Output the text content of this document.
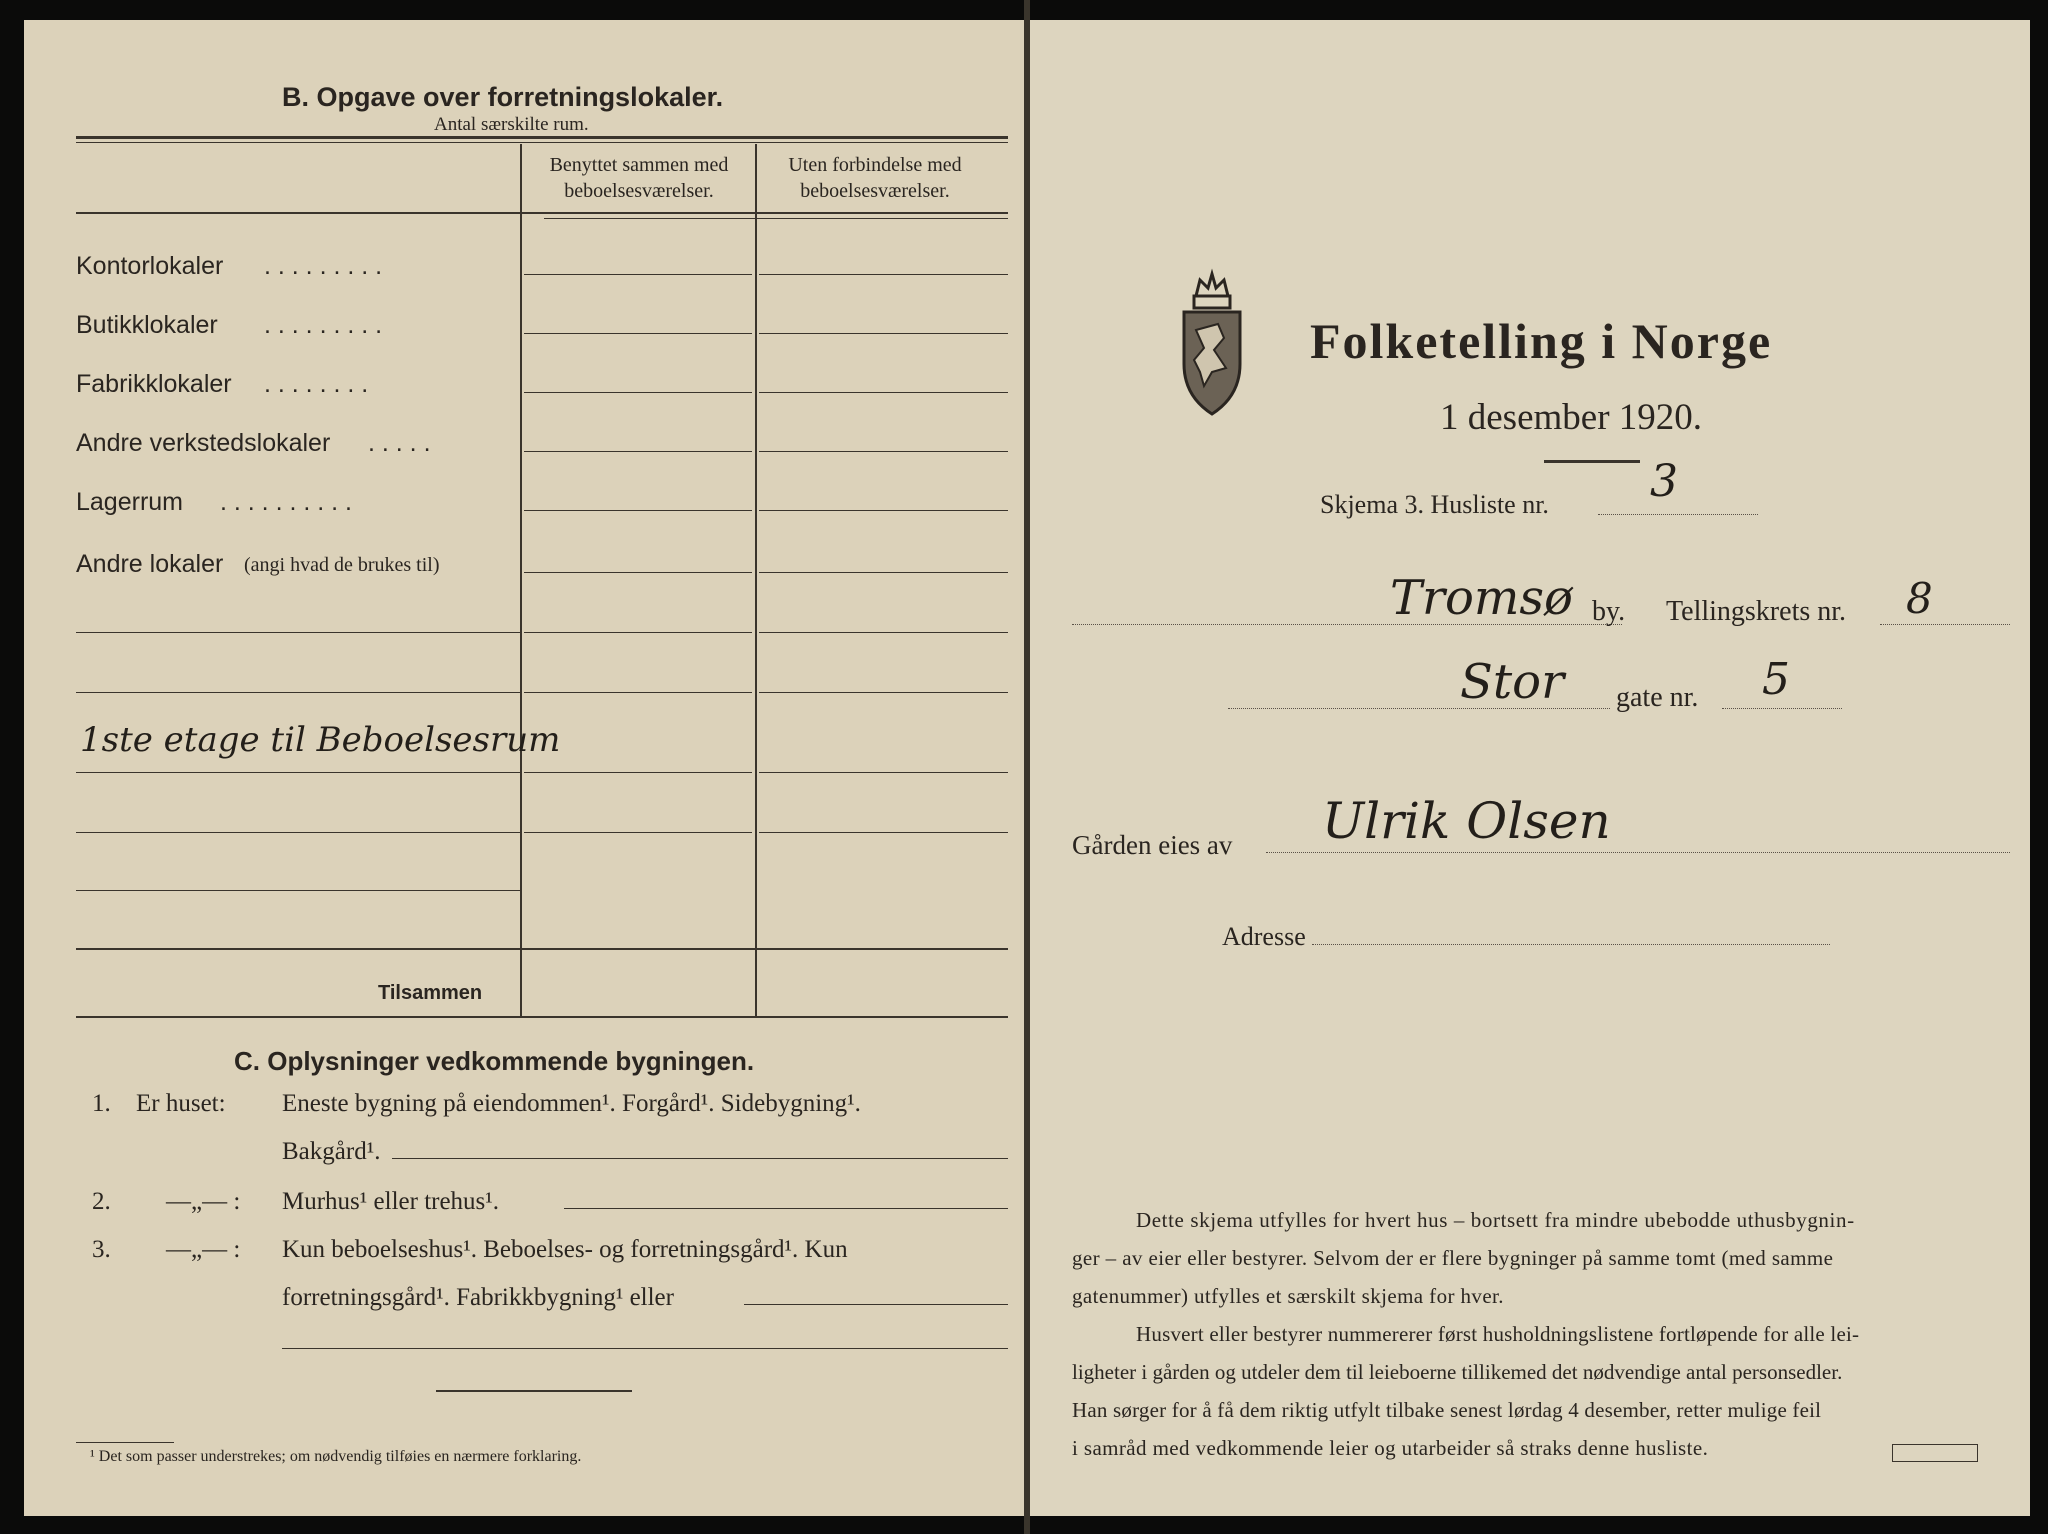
B. Opgave over forretningslokaler.
Antal særskilte rum.
Benyttet sammen med
beboelsesværelser.
Uten forbindelse med
beboelsesværelser.
Kontorlokaler . . . . . . . . .
Butikklokaler . . . . . . . . .
Fabrikklokaler . . . . . . . .
Andre verkstedslokaler . . . . .
Lagerrum . . . . . . . . . .
Andre lokaler (angi hvad de brukes til)
1ste etage til Beboelsesrum
Tilsammen
C. Oplysninger vedkommende bygningen.
1. Er huset: Eneste bygning på eiendommen¹. Forgård¹. Sidebygning¹.
Bakgård¹.
2. —„— : Murhus¹ eller trehus¹.
3. —„— : Kun beboelseshus¹. Beboelses- og forretningsgård¹. Kun
forretningsgård¹. Fabrikkbygning¹ eller
¹ Det som passer understrekes; om nødvendig tilføies en nærmere forklaring.
Folketelling i Norge
1 desember 1920.
Skjema 3. Husliste nr. 3
Tromsø by. Tellingskrets nr. 8
Stor gate nr. 5
Gården eies av Ulrik Olsen
Adresse
Dette skjema utfylles for hvert hus – bortsett fra mindre ubebodde uthusbygnin-
ger – av eier eller bestyrer. Selvom der er flere bygninger på samme tomt (med samme
gatenummer) utfylles et særskilt skjema for hver.
Husvert eller bestyrer nummererer først husholdningslistene fortløpende for alle lei-
ligheter i gården og utdeler dem til leieboerne tillikemed det nødvendige antal personsedler.
Han sørger for å få dem riktig utfylt tilbake senest lørdag 4 desember, retter mulige feil
i samråd med vedkommende leier og utarbeider så straks denne husliste.
